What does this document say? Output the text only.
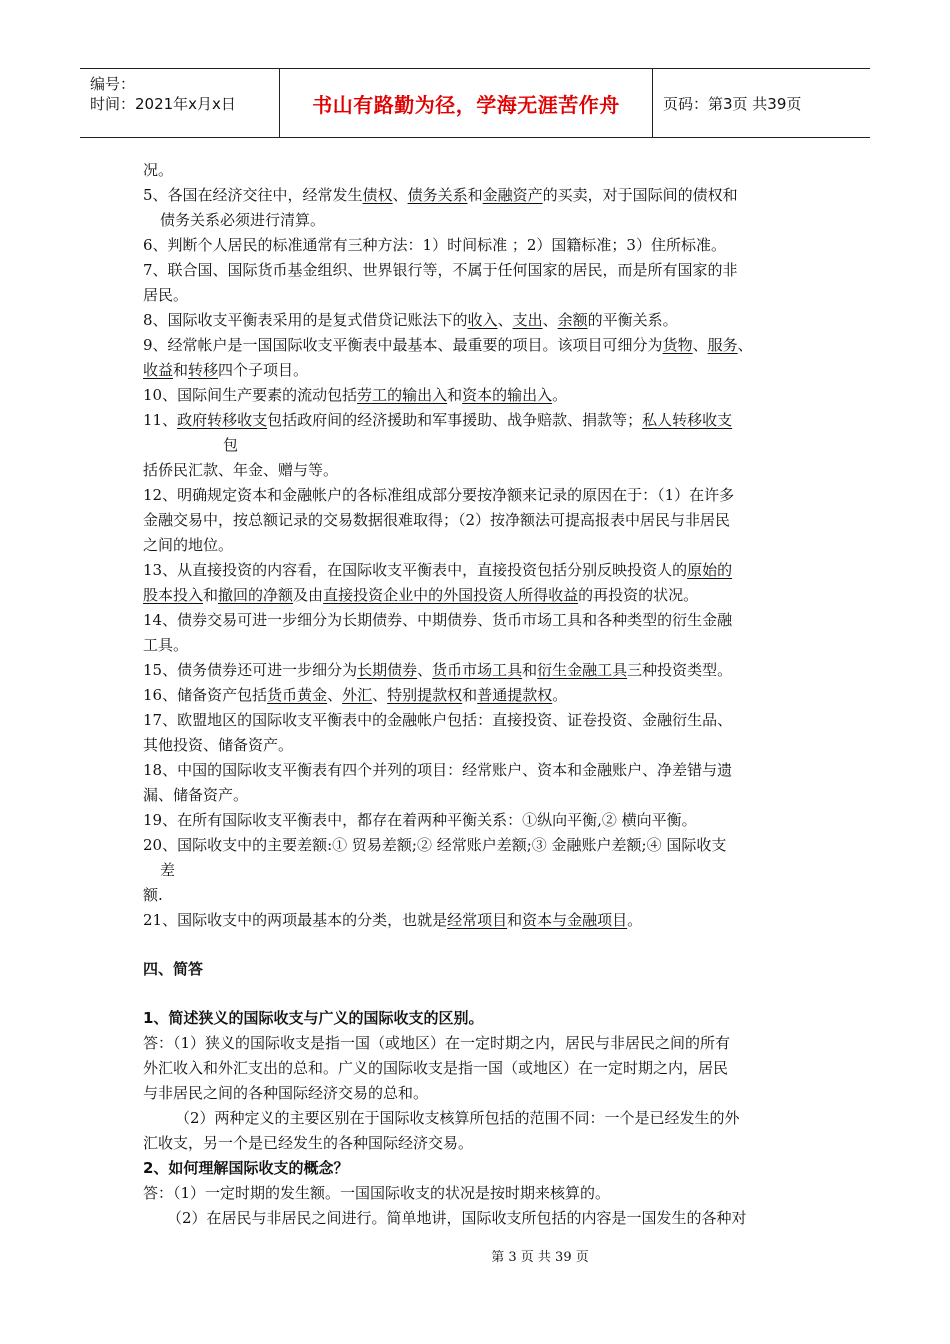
编号：
时间：2021年x月x日	书山有路勤为径，学海无涯苦作舟	页码：第3页 共39页

况。

5、各国在经济交往中，经常发生债权、债务关系和金融资产的买卖，对于国际间的债权和

债务关系必须进行清算。

6、判断个人居民的标准通常有三种方法：1）时间标准 ；2）国籍标准；3）住所标准。

7、联合国、国际货币基金组织、世界银行等，不属于任何国家的居民，而是所有国家的非

居民。

8、国际收支平衡表采用的是复式借贷记账法下的收入、支出、余额的平衡关系。

9、经常帐户是一国国际收支平衡表中最基本、最重要的项目。该项目可细分为货物、服务、

收益和转移四个子项目。

10、国际间生产要素的流动包括劳工的输出入和资本的输出入。

11、政府转移收支包括政府间的经济援助和军事援助、战争赔款、捐款等；私人转移收支

包

括侨民汇款、年金、赠与等。

12、明确规定资本和金融帐户的各标准组成部分要按净额来记录的原因在于：（1）在许多

金融交易中，按总额记录的交易数据很难取得；（2）按净额法可提高报表中居民与非居民

之间的地位。

13、从直接投资的内容看，在国际收支平衡表中，直接投资包括分别反映投资人的原始的

股本投入和撤回的净额及由直接投资企业中的外国投资人所得收益的再投资的状况。

14、债券交易可进一步细分为长期债券、中期债券、货币市场工具和各种类型的衍生金融

工具。

15、债务债券还可进一步细分为长期债券、货币市场工具和衍生金融工具三种投资类型。

16、储备资产包括货币黄金、外汇、特别提款权和普通提款权。

17、欧盟地区的国际收支平衡表中的金融帐户包括：直接投资、证卷投资、金融衍生品、

其他投资、储备资产。

18、中国的国际收支平衡表有四个并列的项目：经常账户、资本和金融账户、净差错与遗

漏、储备资产。

19、在所有国际收支平衡表中，都存在着两种平衡关系：①纵向平衡,② 横向平衡。

20、国际收支中的主要差额:① 贸易差额;② 经常账户差额;③ 金融账户差额;④ 国际收支

差

额.

21、国际收支中的两项最基本的分类，也就是经常项目和资本与金融项目。

四、简答

1、简述狭义的国际收支与广义的国际收支的区别。

答：（1）狭义的国际收支是指一国（或地区）在一定时期之内，居民与非居民之间的所有

外汇收入和外汇支出的总和。广义的国际收支是指一国（或地区）在一定时期之内，居民

与非居民之间的各种国际经济交易的总和。

（2）两种定义的主要区别在于国际收支核算所包括的范围不同：一个是已经发生的外

汇收支，另一个是已经发生的各种国际经济交易。

2、如何理解国际收支的概念？

答：（1）一定时期的发生额。一国国际收支的状况是按时期来核算的。

（2）在居民与非居民之间进行。简单地讲，国际收支所包括的内容是一国发生的各种对

第 3 页 共 39 页
